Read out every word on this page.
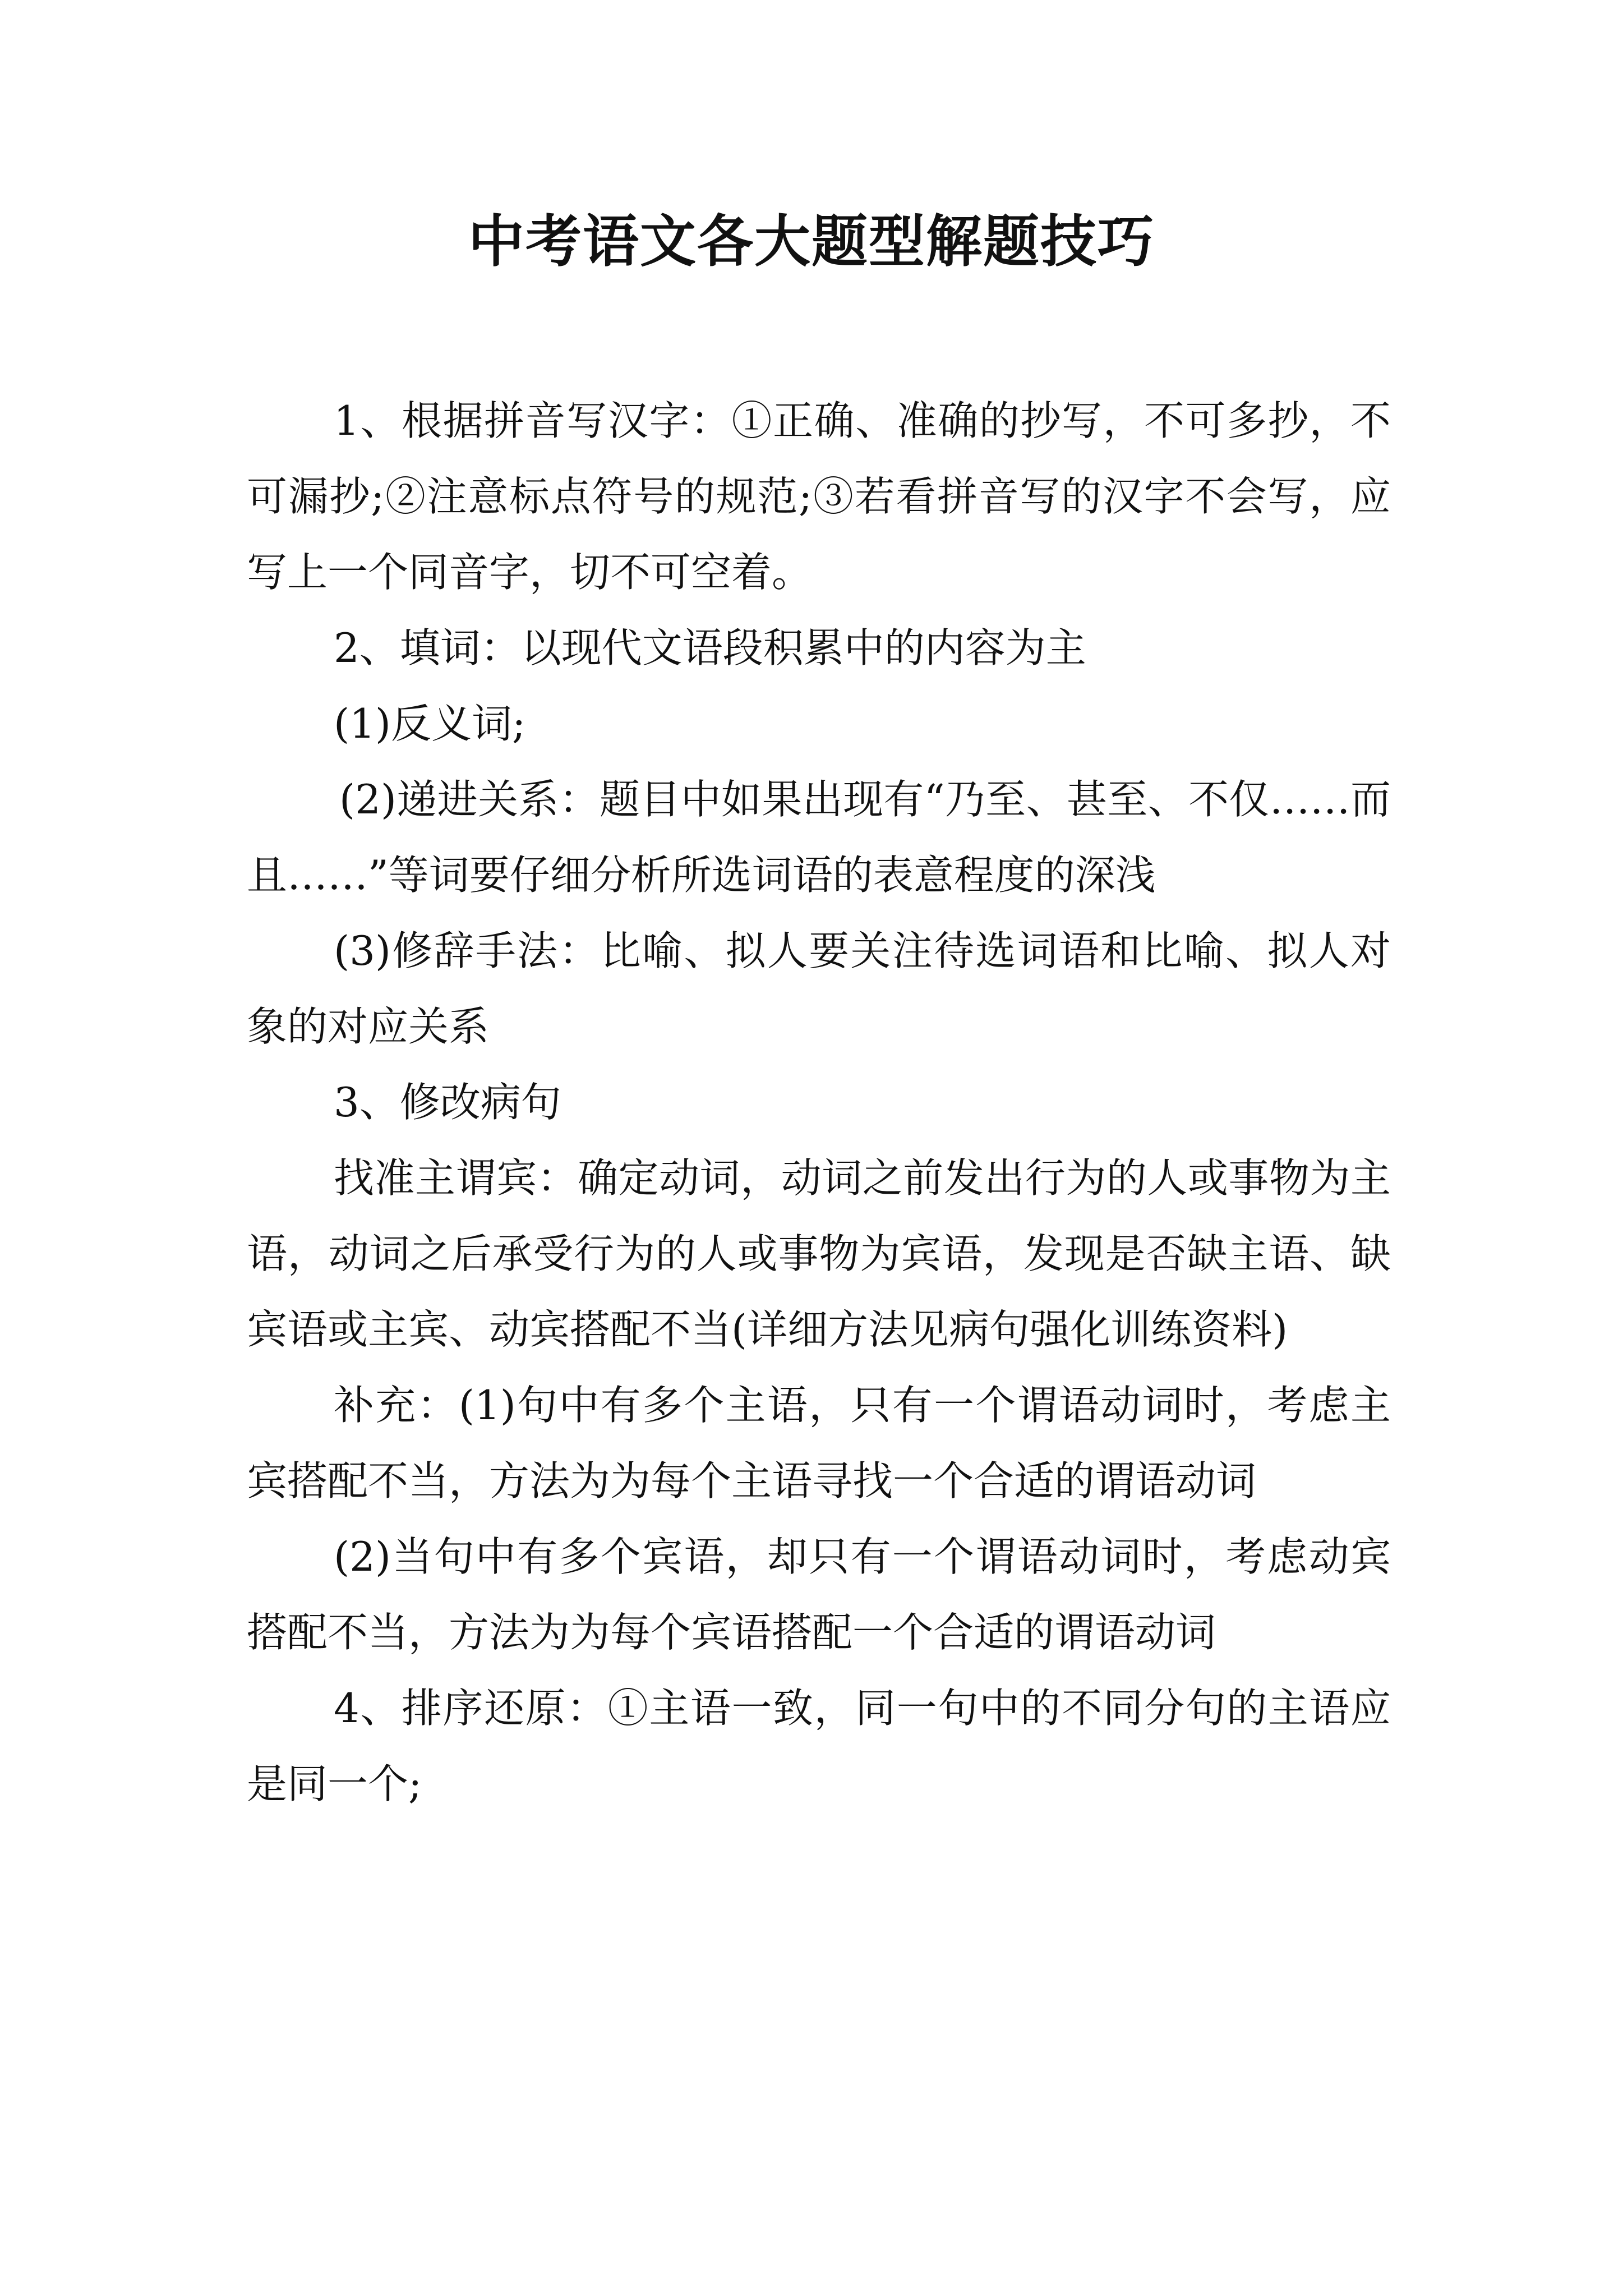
中考语文各大题型解题技巧

1、根据拼音写汉字：①正确、准确的抄写，不可多抄，不可漏抄;②注意标点符号的规范;③若看拼音写的汉字不会写，应写上一个同音字，切不可空着。

2、填词：以现代文语段积累中的内容为主

(1)反义词;

(2)递进关系：题目中如果出现有“乃至、甚至、不仅……而且……”等词要仔细分析所选词语的表意程度的深浅

(3)修辞手法：比喻、拟人要关注待选词语和比喻、拟人对象的对应关系

3、修改病句

找准主谓宾：确定动词，动词之前发出行为的人或事物为主语，动词之后承受行为的人或事物为宾语，发现是否缺主语、缺宾语或主宾、动宾搭配不当(详细方法见病句强化训练资料)

补充：(1)句中有多个主语，只有一个谓语动词时，考虑主宾搭配不当，方法为为每个主语寻找一个合适的谓语动词

(2)当句中有多个宾语，却只有一个谓语动词时，考虑动宾搭配不当，方法为为每个宾语搭配一个合适的谓语动词

4、排序还原：①主语一致，同一句中的不同分句的主语应是同一个;
